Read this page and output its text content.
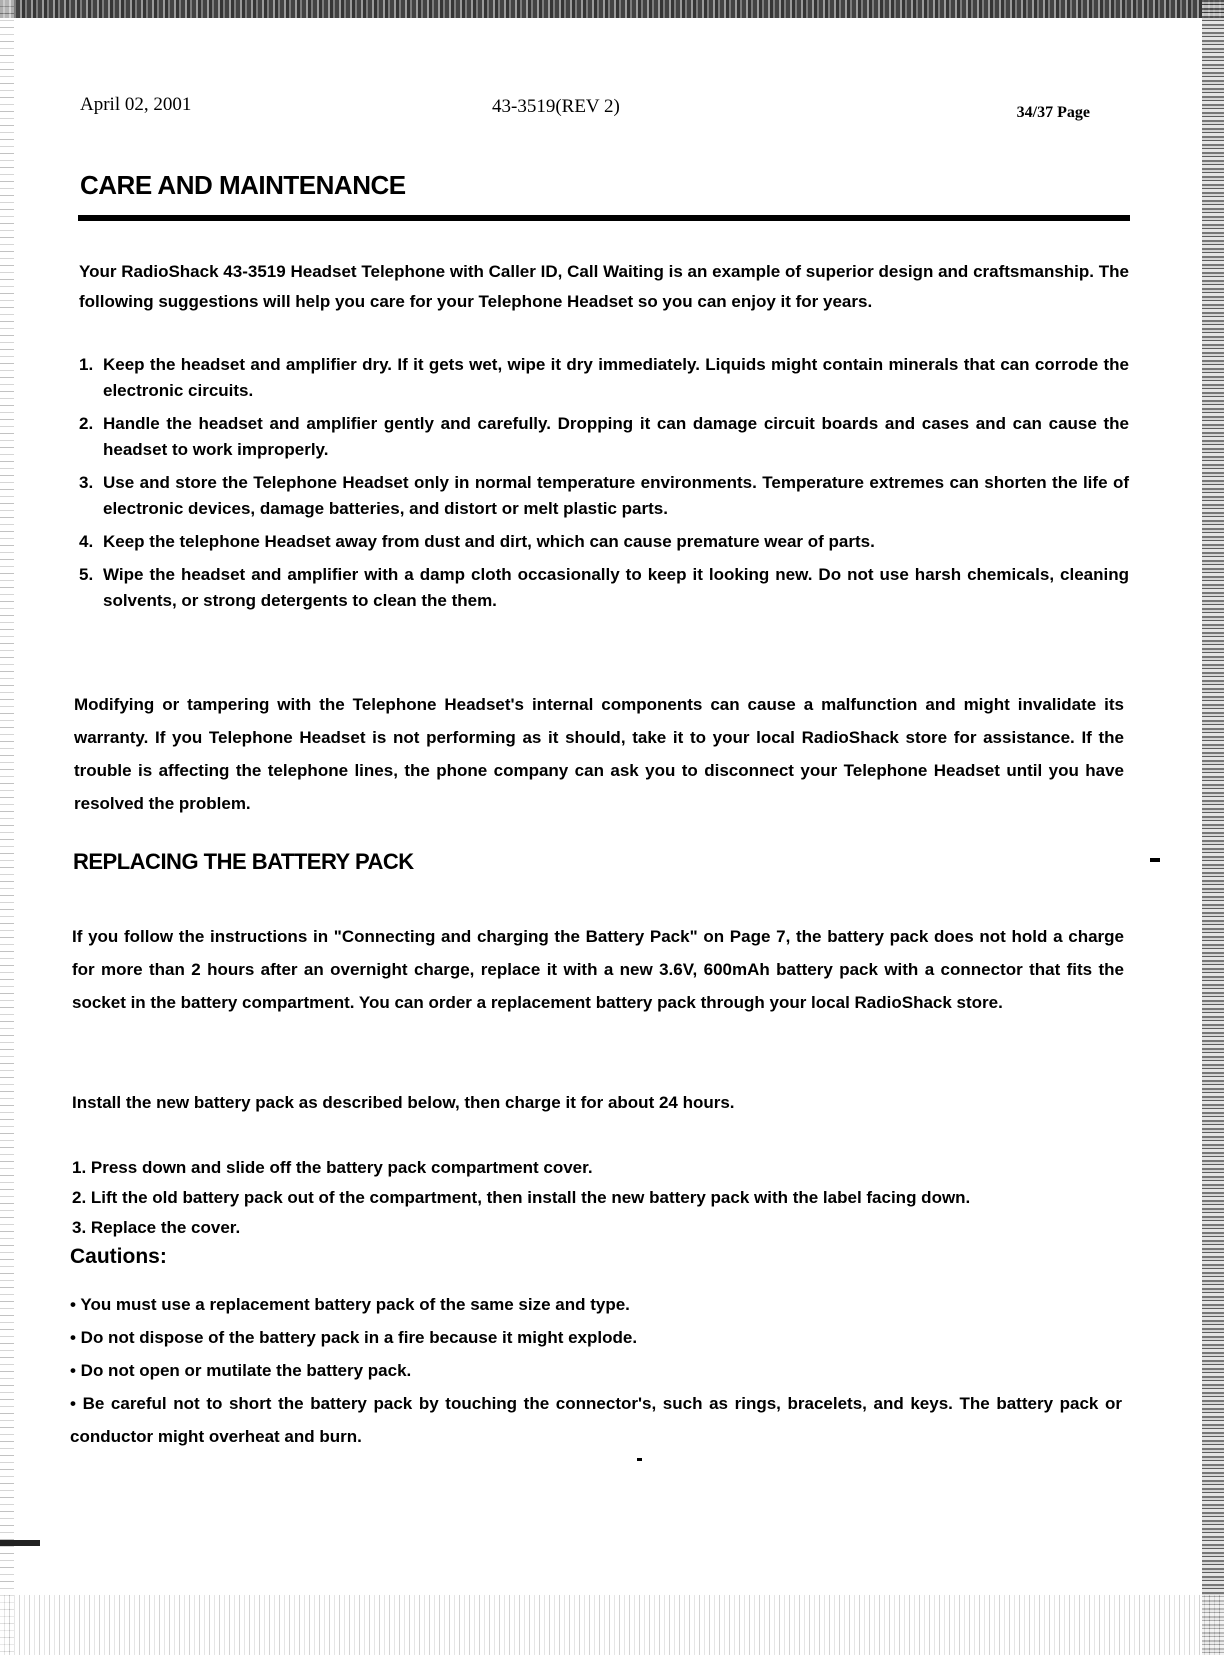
April 02, 2001	43-3519(REV 2)	34/37 Page
CARE AND MAINTENANCE
Your RadioShack 43-3519 Headset Telephone with Caller ID, Call Waiting is an example of superior design and craftsmanship. The following suggestions will help you care for your Telephone Headset so you can enjoy it for years.
1. Keep the headset and amplifier dry. If it gets wet, wipe it dry immediately. Liquids might contain minerals that can corrode the electronic circuits.
2. Handle the headset and amplifier gently and carefully. Dropping it can damage circuit boards and cases and can cause the headset to work improperly.
3. Use and store the Telephone Headset only in normal temperature environments. Temperature extremes can shorten the life of electronic devices, damage batteries, and distort or melt plastic parts.
4. Keep the telephone Headset away from dust and dirt, which can cause premature wear of parts.
5. Wipe the headset and amplifier with a damp cloth occasionally to keep it looking new. Do not use harsh chemicals, cleaning solvents, or strong detergents to clean the them.
Modifying or tampering with the Telephone Headset's internal components can cause a malfunction and might invalidate its warranty. If you Telephone Headset is not performing as it should, take it to your local RadioShack store for assistance. If the trouble is affecting the telephone lines, the phone company can ask you to disconnect your Telephone Headset until you have resolved the problem.
REPLACING THE BATTERY PACK
If you follow the instructions in "Connecting and charging the Battery Pack" on Page 7, the battery pack does not hold a charge for more than 2 hours after an overnight charge, replace it with a new 3.6V, 600mAh battery pack with a connector that fits the socket in the battery compartment. You can order a replacement battery pack through your local RadioShack store.
Install the new battery pack as described below, then charge it for about 24 hours.
1. Press down and slide off the battery pack compartment cover.
2. Lift the old battery pack out of the compartment, then install the new battery pack with the label facing down.
3. Replace the cover.
Cautions:
• You must use a replacement battery pack of the same size and type.
• Do not dispose of the battery pack in a fire because it might explode.
• Do not open or mutilate the battery pack.
• Be careful not to short the battery pack by touching the connector's, such as rings, bracelets, and keys. The battery pack or conductor might overheat and burn.
